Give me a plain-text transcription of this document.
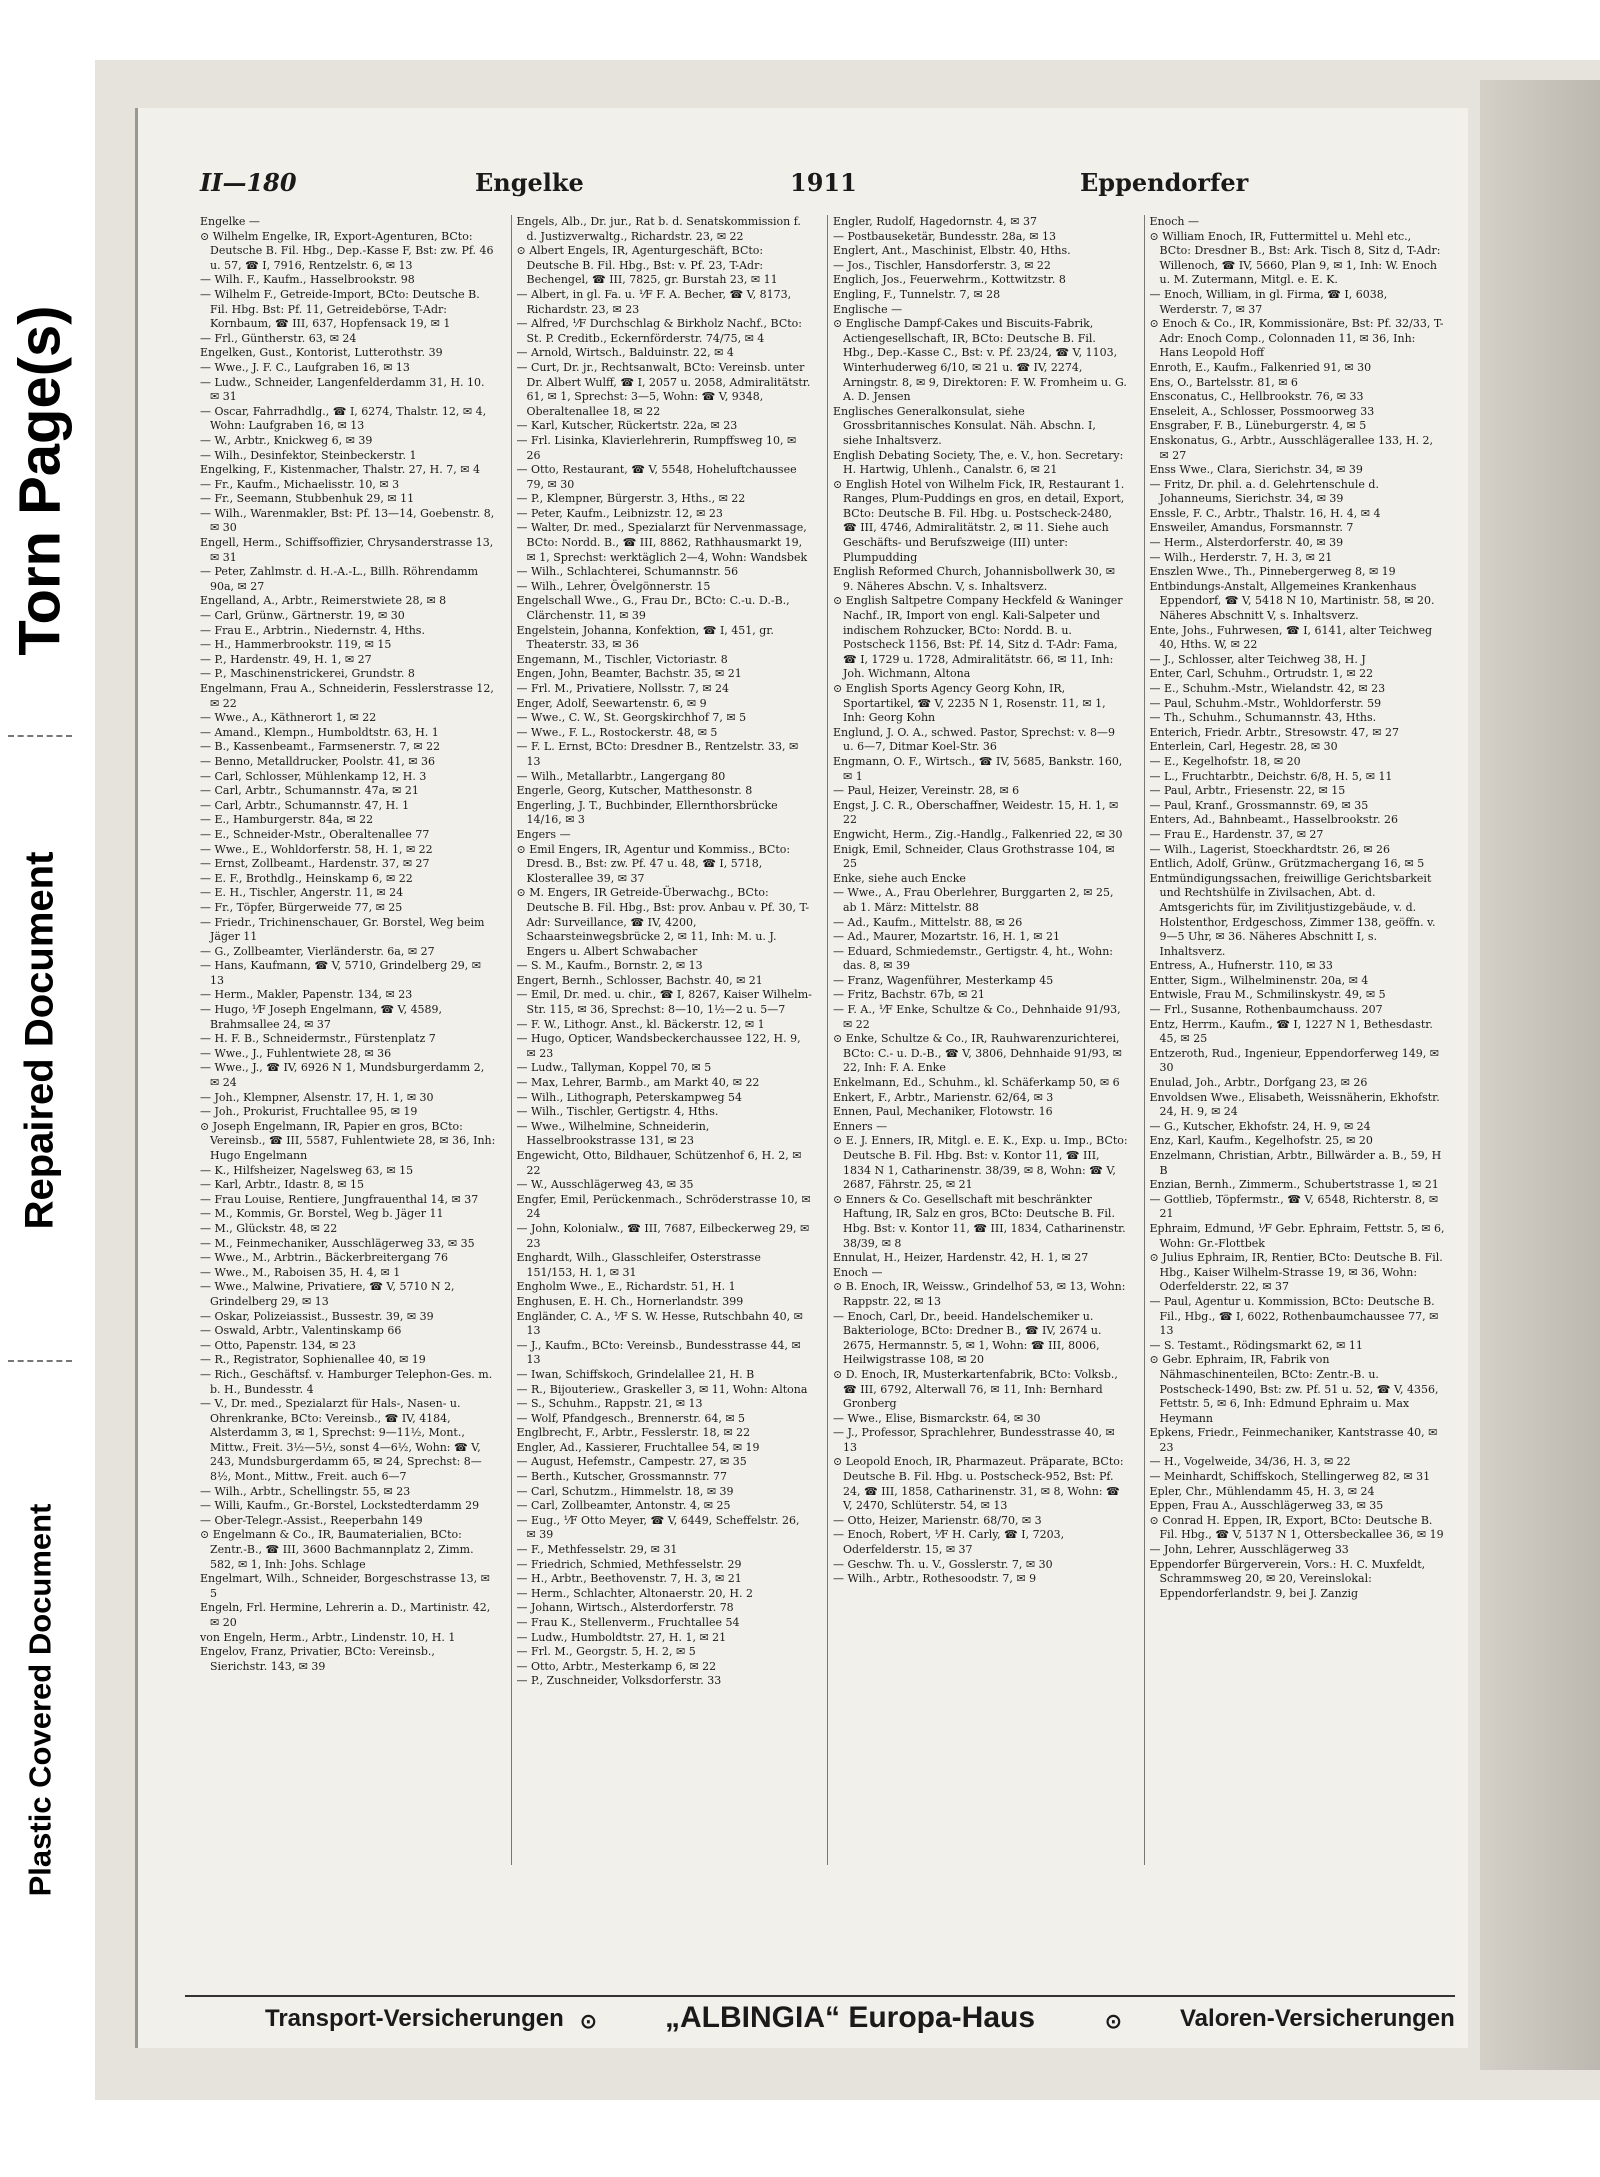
Torn Page(s)
Repaired Document
Plastic Covered Document
II—180	Engelke	1911	Eppendorfer

Engelke —

⊙ Wilhelm Engelke, IR, Export-Agenturen, BCto: Deutsche B. Fil. Hbg., Dep.-Kasse F, Bst: zw. Pf. 46 u. 57, ☎ I, 7916, Rentzelstr. 6, ✉ 13

— Wilh. F., Kaufm., Hasselbrookstr. 98

— Wilhelm F., Getreide-Import, BCto: Deutsche B. Fil. Hbg. Bst: Pf. 11, Getreidebörse, T-Adr: Kornbaum, ☎ III, 637, Hopfensack 19, ✉ 1

— Frl., Güntherstr. 63, ✉ 24

Engelken, Gust., Kontorist, Lutterothstr. 39

— Wwe., J. F. C., Laufgraben 16, ✉ 13

— Ludw., Schneider, Langenfelderdamm 31, H. 10. ✉ 31

— Oscar, Fahrradhdlg., ☎ I, 6274, Thalstr. 12, ✉ 4, Wohn: Laufgraben 16, ✉ 13

— W., Arbtr., Knickweg 6, ✉ 39

— Wilh., Desinfektor, Steinbeckerstr. 1

Engelking, F., Kistenmacher, Thalstr. 27, H. 7, ✉ 4

— Fr., Kaufm., Michaelisstr. 10, ✉ 3

— Fr., Seemann, Stubbenhuk 29, ✉ 11

— Wilh., Warenmakler, Bst: Pf. 13—14, Goebenstr. 8, ✉ 30

Engell, Herm., Schiffsoffizier, Chrysanderstrasse 13, ✉ 31

— Peter, Zahlmstr. d. H.-A.-L., Billh. Röhrendamm 90a, ✉ 27

Engelland, A., Arbtr., Reimerstwiete 28, ✉ 8

— Carl, Grünw., Gärtnerstr. 19, ✉ 30

— Frau E., Arbtrin., Niedernstr. 4, Hths.

— H., Hammerbrookstr. 119, ✉ 15

— P., Hardenstr. 49, H. 1, ✉ 27

— P., Maschinenstrickerei, Grundstr. 8

Engelmann, Frau A., Schneiderin, Fesslerstrasse 12, ✉ 22

— Wwe., A., Käthnerort 1, ✉ 22

— Amand., Klempn., Humboldtstr. 63, H. 1

— B., Kassenbeamt., Farmsenerstr. 7, ✉ 22

— Benno, Metalldrucker, Poolstr. 41, ✉ 36

— Carl, Schlosser, Mühlenkamp 12, H. 3

— Carl, Arbtr., Schumannstr. 47a, ✉ 21

— Carl, Arbtr., Schumannstr. 47, H. 1

— E., Hamburgerstr. 84a, ✉ 22

— E., Schneider-Mstr., Oberaltenallee 77

— Wwe., E., Wohldorferstr. 58, H. 1, ✉ 22

— Ernst, Zollbeamt., Hardenstr. 37, ✉ 27

— E. F., Brothdlg., Heinskamp 6, ✉ 22

— E. H., Tischler, Angerstr. 11, ✉ 24

— Fr., Töpfer, Bürgerweide 77, ✉ 25

— Friedr., Trichinenschauer, Gr. Borstel, Weg beim Jäger 11

— G., Zollbeamter, Vierländerstr. 6a, ✉ 27

— Hans, Kaufmann, ☎ V, 5710, Grindelberg 29, ✉ 13

— Herm., Makler, Papenstr. 134, ✉ 23

— Hugo, ⅟F Joseph Engelmann, ☎ V, 4589, Brahmsallee 24, ✉ 37

— H. F. B., Schneidermstr., Fürstenplatz 7

— Wwe., J., Fuhlentwiete 28, ✉ 36

— Wwe., J., ☎ IV, 6926 N 1, Mundsburgerdamm 2, ✉ 24

— Joh., Klempner, Alsenstr. 17, H. 1, ✉ 30

— Joh., Prokurist, Fruchtallee 95, ✉ 19

⊙ Joseph Engelmann, IR, Papier en gros, BCto: Vereinsb., ☎ III, 5587, Fuhlentwiete 28, ✉ 36, Inh: Hugo Engelmann

— K., Hilfsheizer, Nagelsweg 63, ✉ 15

— Karl, Arbtr., Idastr. 8, ✉ 15

— Frau Louise, Rentiere, Jungfrauenthal 14, ✉ 37

— M., Kommis, Gr. Borstel, Weg b. Jäger 11

— M., Glückstr. 48, ✉ 22

— M., Feinmechaniker, Ausschlägerweg 33, ✉ 35

— Wwe., M., Arbtrin., Bäckerbreitergang 76

— Wwe., M., Raboisen 35, H. 4, ✉ 1

— Wwe., Malwine, Privatiere, ☎ V, 5710 N 2, Grindelberg 29, ✉ 13

— Oskar, Polizeiassist., Bussestr. 39, ✉ 39

— Oswald, Arbtr., Valentinskamp 66

— Otto, Papenstr. 134, ✉ 23

— R., Registrator, Sophienallee 40, ✉ 19

— Rich., Geschäftsf. v. Hamburger Telephon-Ges. m. b. H., Bundesstr. 4

— V., Dr. med., Spezialarzt für Hals-, Nasen- u. Ohrenkranke, BCto: Vereinsb., ☎ IV, 4184, Alsterdamm 3, ✉ 1, Sprechst: 9—11½, Mont., Mittw., Freit. 3½—5½, sonst 4—6½, Wohn: ☎ V, 243, Mundsburgerdamm 65, ✉ 24, Sprechst: 8—8½, Mont., Mittw., Freit. auch 6—7

— Wilh., Arbtr., Schellingstr. 55, ✉ 23

— Willi, Kaufm., Gr.-Borstel, Lockstedterdamm 29

— Ober-Telegr.-Assist., Reeperbahn 149

⊙ Engelmann & Co., IR, Baumaterialien, BCto: Zentr.-B., ☎ III, 3600 Bachmannplatz 2, Zimm. 582, ✉ 1, Inh: Johs. Schlage

Engelmart, Wilh., Schneider, Borgeschstrasse 13, ✉ 5

Engeln, Frl. Hermine, Lehrerin a. D., Martinistr. 42, ✉ 20

von Engeln, Herm., Arbtr., Lindenstr. 10, H. 1

Engelov, Franz, Privatier, BCto: Vereinsb., Sierichstr. 143, ✉ 39

Engels, Alb., Dr. jur., Rat b. d. Senatskommission f. d. Justizverwaltg., Richardstr. 23, ✉ 22

⊙ Albert Engels, IR, Agenturgeschäft, BCto: Deutsche B. Fil. Hbg., Bst: v. Pf. 23, T-Adr: Bechengel, ☎ III, 7825, gr. Burstah 23, ✉ 11

— Albert, in gl. Fa. u. ⅟F F. A. Becher, ☎ V, 8173, Richardstr. 23, ✉ 23

— Alfred, ⅟F Durchschlag & Birkholz Nachf., BCto: St. P. Creditb., Eckernförderstr. 74/75, ✉ 4

— Arnold, Wirtsch., Balduinstr. 22, ✉ 4

— Curt, Dr. jr., Rechtsanwalt, BCto: Vereinsb. unter Dr. Albert Wulff, ☎ I, 2057 u. 2058, Admiralitätstr. 61, ✉ 1, Sprechst: 3—5, Wohn: ☎ V, 9348, Oberaltenallee 18, ✉ 22

— Karl, Kutscher, Rückertstr. 22a, ✉ 23

— Frl. Lisinka, Klavierlehrerin, Rumpffsweg 10, ✉ 26

— Otto, Restaurant, ☎ V, 5548, Hoheluftchaussee 79, ✉ 30

— P., Klempner, Bürgerstr. 3, Hths., ✉ 22

— Peter, Kaufm., Leibnizstr. 12, ✉ 23

— Walter, Dr. med., Spezialarzt für Nervenmassage, BCto: Nordd. B., ☎ III, 8862, Rathhausmarkt 19, ✉ 1, Sprechst: werktäglich 2—4, Wohn: Wandsbek

— Wilh., Schlachterei, Schumannstr. 56

— Wilh., Lehrer, Övelgönnerstr. 15

Engelschall Wwe., G., Frau Dr., BCto: C.-u. D.-B., Clärchenstr. 11, ✉ 39

Engelstein, Johanna, Konfektion, ☎ I, 451, gr. Theaterstr. 33, ✉ 36

Engemann, M., Tischler, Victoriastr. 8

Engen, John, Beamter, Bachstr. 35, ✉ 21

— Frl. M., Privatiere, Nollsstr. 7, ✉ 24

Enger, Adolf, Seewartenstr. 6, ✉ 9

— Wwe., C. W., St. Georgskirchhof 7, ✉ 5

— Wwe., F. L., Rostockerstr. 48, ✉ 5

— F. L. Ernst, BCto: Dresdner B., Rentzelstr. 33, ✉ 13

— Wilh., Metallarbtr., Langergang 80

Engerle, Georg, Kutscher, Matthesonstr. 8

Engerling, J. T., Buchbinder, Ellernthorsbrücke 14/16, ✉ 3

Engers —

⊙ Emil Engers, IR, Agentur und Kommiss., BCto: Dresd. B., Bst: zw. Pf. 47 u. 48, ☎ I, 5718, Klosterallee 39, ✉ 37

⊙ M. Engers, IR Getreide-Überwachg., BCto: Deutsche B. Fil. Hbg., Bst: prov. Anbau v. Pf. 30, T-Adr: Surveillance, ☎ IV, 4200, Schaarsteinwegsbrücke 2, ✉ 11, Inh: M. u. J. Engers u. Albert Schwabacher

— S. M., Kaufm., Bornstr. 2, ✉ 13

Engert, Bernh., Schlosser, Bachstr. 40, ✉ 21

— Emil, Dr. med. u. chir., ☎ I, 8267, Kaiser Wilhelm-Str. 115, ✉ 36, Sprechst: 8—10, 1½—2 u. 5—7

— F. W., Lithogr. Anst., kl. Bäckerstr. 12, ✉ 1

— Hugo, Opticer, Wandsbeckerchaussee 122, H. 9, ✉ 23

— Ludw., Tallyman, Koppel 70, ✉ 5

— Max, Lehrer, Barmb., am Markt 40, ✉ 22

— Wilh., Lithograph, Peterskampweg 54

— Wilh., Tischler, Gertigstr. 4, Hths.

— Wwe., Wilhelmine, Schneiderin, Hasselbrookstrasse 131, ✉ 23

Engewicht, Otto, Bildhauer, Schützenhof 6, H. 2, ✉ 22

— W., Ausschlägerweg 43, ✉ 35

Engfer, Emil, Perückenmach., Schröderstrasse 10, ✉ 24

— John, Kolonialw., ☎ III, 7687, Eilbeckerweg 29, ✉ 23

Enghardt, Wilh., Glasschleifer, Osterstrasse 151/153, H. 1, ✉ 31

Engholm Wwe., E., Richardstr. 51, H. 1

Enghusen, E. H. Ch., Hornerlandstr. 399

Engländer, C. A., ⅟F S. W. Hesse, Rutschbahn 40, ✉ 13

— J., Kaufm., BCto: Vereinsb., Bundesstrasse 44, ✉ 13

— Iwan, Schiffskoch, Grindelallee 21, H. B

— R., Bijouteriew., Graskeller 3, ✉ 11, Wohn: Altona

— S., Schuhm., Rappstr. 21, ✉ 13

— Wolf, Pfandgesch., Brennerstr. 64, ✉ 5

Englbrecht, F., Arbtr., Fesslerstr. 18, ✉ 22

Engler, Ad., Kassierer, Fruchtallee 54, ✉ 19

— August, Hefemstr., Campestr. 27, ✉ 35

— Berth., Kutscher, Grossmannstr. 77

— Carl, Schutzm., Himmelstr. 18, ✉ 39

— Carl, Zollbeamter, Antonstr. 4, ✉ 25

— Eug., ⅟F Otto Meyer, ☎ V, 6449, Scheffelstr. 26, ✉ 39

— F., Methfesselstr. 29, ✉ 31

— Friedrich, Schmied, Methfesselstr. 29

— H., Arbtr., Beethovenstr. 7, H. 3, ✉ 21

— Herm., Schlachter, Altonaerstr. 20, H. 2

— Johann, Wirtsch., Alsterdorferstr. 78

— Frau K., Stellenverm., Fruchtallee 54

— Ludw., Humboldtstr. 27, H. 1, ✉ 21

— Frl. M., Georgstr. 5, H. 2, ✉ 5

— Otto, Arbtr., Mesterkamp 6, ✉ 22

— P., Zuschneider, Volksdorferstr. 33

Engler, Rudolf, Hagedornstr. 4, ✉ 37

— Postbauseketär, Bundesstr. 28a, ✉ 13

Englert, Ant., Maschinist, Elbstr. 40, Hths.

— Jos., Tischler, Hansdorferstr. 3, ✉ 22

Englich, Jos., Feuerwehrm., Kottwitzstr. 8

Engling, F., Tunnelstr. 7, ✉ 28

Englische —

⊙ Englische Dampf-Cakes und Biscuits-Fabrik, Actiengesellschaft, IR, BCto: Deutsche B. Fil. Hbg., Dep.-Kasse C., Bst: v. Pf. 23/24, ☎ V, 1103, Winterhuderweg 6/10, ✉ 21 u. ☎ IV, 2274, Arningstr. 8, ✉ 9, Direktoren: F. W. Fromheim u. G. A. D. Jensen

Englisches Generalkonsulat, siehe Grossbritannisches Konsulat. Näh. Abschn. I, siehe Inhaltsverz.

English Debating Society, The, e. V., hon. Secretary: H. Hartwig, Uhlenh., Canalstr. 6, ✉ 21

⊙ English Hotel von Wilhelm Fick, IR, Restaurant 1. Ranges, Plum-Puddings en gros, en detail, Export, BCto: Deutsche B. Fil. Hbg. u. Postscheck-2480, ☎ III, 4746, Admiralitätstr. 2, ✉ 11. Siehe auch Geschäfts- und Berufszweige (III) unter: Plumpudding

English Reformed Church, Johannisbollwerk 30, ✉ 9. Näheres Abschn. V, s. Inhaltsverz.

⊙ English Saltpetre Company Heckfeld & Waninger Nachf., IR, Import von engl. Kali-Salpeter und indischem Rohzucker, BCto: Nordd. B. u. Postscheck 1156, Bst: Pf. 14, Sitz d. T-Adr: Fama, ☎ I, 1729 u. 1728, Admiralitätstr. 66, ✉ 11, Inh: Joh. Wichmann, Altona

⊙ English Sports Agency Georg Kohn, IR, Sportartikel, ☎ V, 2235 N 1, Rosenstr. 11, ✉ 1, Inh: Georg Kohn

Englund, J. O. A., schwed. Pastor, Sprechst: v. 8—9 u. 6—7, Ditmar Koel-Str. 36

Engmann, O. F., Wirtsch., ☎ IV, 5685, Bankstr. 160, ✉ 1

— Paul, Heizer, Vereinstr. 28, ✉ 6

Engst, J. C. R., Oberschaffner, Weidestr. 15, H. 1, ✉ 22

Engwicht, Herm., Zig.-Handlg., Falkenried 22, ✉ 30

Enigk, Emil, Schneider, Claus Grothstrasse 104, ✉ 25

Enke, siehe auch Encke

— Wwe., A., Frau Oberlehrer, Burggarten 2, ✉ 25, ab 1. März: Mittelstr. 88

— Ad., Kaufm., Mittelstr. 88, ✉ 26

— Ad., Maurer, Mozartstr. 16, H. 1, ✉ 21

— Eduard, Schmiedemstr., Gertigstr. 4, ht., Wohn: das. 8, ✉ 39

— Franz, Wagenführer, Mesterkamp 45

— Fritz, Bachstr. 67b, ✉ 21

— F. A., ⅟F Enke, Schultze & Co., Dehnhaide 91/93, ✉ 22

⊙ Enke, Schultze & Co., IR, Rauhwarenzurichterei, BCto: C.- u. D.-B., ☎ V, 3806, Dehnhaide 91/93, ✉ 22, Inh: F. A. Enke

Enkelmann, Ed., Schuhm., kl. Schäferkamp 50, ✉ 6

Enkert, F., Arbtr., Marienstr. 62/64, ✉ 3

Ennen, Paul, Mechaniker, Flotowstr. 16

Enners —

⊙ E. J. Enners, IR, Mitgl. e. E. K., Exp. u. Imp., BCto: Deutsche B. Fil. Hbg. Bst: v. Kontor 11, ☎ III, 1834 N 1, Catharinenstr. 38/39, ✉ 8, Wohn: ☎ V, 2687, Fährstr. 25, ✉ 21

⊙ Enners & Co. Gesellschaft mit beschränkter Haftung, IR, Salz en gros, BCto: Deutsche B. Fil. Hbg. Bst: v. Kontor 11, ☎ III, 1834, Catharinenstr. 38/39, ✉ 8

Ennulat, H., Heizer, Hardenstr. 42, H. 1, ✉ 27

Enoch —

⊙ B. Enoch, IR, Weissw., Grindelhof 53, ✉ 13, Wohn: Rappstr. 22, ✉ 13

— Enoch, Carl, Dr., beeid. Handelschemiker u. Bakteriologe, BCto: Dredner B., ☎ IV, 2674 u. 2675, Hermannstr. 5, ✉ 1, Wohn: ☎ III, 8006, Heilwigstrasse 108, ✉ 20

⊙ D. Enoch, IR, Musterkartenfabrik, BCto: Volksb., ☎ III, 6792, Alterwall 76, ✉ 11, Inh: Bernhard Gronberg

— Wwe., Elise, Bismarckstr. 64, ✉ 30

— J., Professor, Sprachlehrer, Bundesstrasse 40, ✉ 13

⊙ Leopold Enoch, IR, Pharmazeut. Präparate, BCto: Deutsche B. Fil. Hbg. u. Postscheck-952, Bst: Pf. 24, ☎ III, 1858, Catharinenstr. 31, ✉ 8, Wohn: ☎ V, 2470, Schlüterstr. 54, ✉ 13

— Otto, Heizer, Marienstr. 68/70, ✉ 3

— Enoch, Robert, ⅟F H. Carly, ☎ I, 7203, Oderfelderstr. 15, ✉ 37

— Geschw. Th. u. V., Gosslerstr. 7, ✉ 30

— Wilh., Arbtr., Rothesoodstr. 7, ✉ 9

Enoch —

⊙ William Enoch, IR, Futtermittel u. Mehl etc., BCto: Dresdner B., Bst: Ark. Tisch 8, Sitz d, T-Adr: Willenoch, ☎ IV, 5660, Plan 9, ✉ 1, Inh: W. Enoch u. M. Zutermann, Mitgl. e. E. K.

— Enoch, William, in gl. Firma, ☎ I, 6038, Werderstr. 7, ✉ 37

⊙ Enoch & Co., IR, Kommissionäre, Bst: Pf. 32/33, T-Adr: Enoch Comp., Colonnaden 11, ✉ 36, Inh: Hans Leopold Hoff

Enroth, E., Kaufm., Falkenried 91, ✉ 30

Ens, O., Bartelsstr. 81, ✉ 6

Ensconatus, C., Hellbrookstr. 76, ✉ 33

Enseleit, A., Schlosser, Possmoorweg 33

Ensgraber, F. B., Lüneburgerstr. 4, ✉ 5

Enskonatus, G., Arbtr., Ausschlägerallee 133, H. 2, ✉ 27

Enss Wwe., Clara, Sierichstr. 34, ✉ 39

— Fritz, Dr. phil. a. d. Gelehrtenschule d. Johanneums, Sierichstr. 34, ✉ 39

Enssle, F. C., Arbtr., Thalstr. 16, H. 4, ✉ 4

Ensweiler, Amandus, Forsmannstr. 7

— Herm., Alsterdorferstr. 40, ✉ 39

— Wilh., Herderstr. 7, H. 3, ✉ 21

Enszlen Wwe., Th., Pinnebergerweg 8, ✉ 19

Entbindungs-Anstalt, Allgemeines Krankenhaus Eppendorf, ☎ V, 5418 N 10, Martinistr. 58, ✉ 20. Näheres Abschnitt V, s. Inhaltsverz.

Ente, Johs., Fuhrwesen, ☎ I, 6141, alter Teichweg 40, Hths. W, ✉ 22

— J., Schlosser, alter Teichweg 38, H. J

Enter, Carl, Schuhm., Ortrudstr. 1, ✉ 22

— E., Schuhm.-Mstr., Wielandstr. 42, ✉ 23

— Paul, Schuhm.-Mstr., Wohldorferstr. 59

— Th., Schuhm., Schumannstr. 43, Hths.

Enterich, Friedr. Arbtr., Stresowstr. 47, ✉ 27

Enterlein, Carl, Hegestr. 28, ✉ 30

— E., Kegelhofstr. 18, ✉ 20

— L., Fruchtarbtr., Deichstr. 6/8, H. 5, ✉ 11

— Paul, Arbtr., Friesenstr. 22, ✉ 15

— Paul, Kranf., Grossmannstr. 69, ✉ 35

Enters, Ad., Bahnbeamt., Hasselbrookstr. 26

— Frau E., Hardenstr. 37, ✉ 27

— Wilh., Lagerist, Stoeckhardtstr. 26, ✉ 26

Entlich, Adolf, Grünw., Grützmachergang 16, ✉ 5

Entmündigungssachen, freiwillige Gerichtsbarkeit und Rechtshülfe in Zivilsachen, Abt. d. Amtsgerichts für, im Zivilitjustizgebäude, v. d. Holstenthor, Erdgeschoss, Zimmer 138, geöffn. v. 9—5 Uhr, ✉ 36. Näheres Abschnitt I, s. Inhaltsverz.

Entress, A., Hufnerstr. 110, ✉ 33

Entter, Sigm., Wilhelminenstr. 20a, ✉ 4

Entwisle, Frau M., Schmilinskystr. 49, ✉ 5

— Frl., Susanne, Rothenbaumchauss. 207

Entz, Herrm., Kaufm., ☎ I, 1227 N 1, Bethesdastr. 45, ✉ 25

Entzeroth, Rud., Ingenieur, Eppendorferweg 149, ✉ 30

Enulad, Joh., Arbtr., Dorfgang 23, ✉ 26

Envoldsen Wwe., Elisabeth, Weissnäherin, Ekhofstr. 24, H. 9, ✉ 24

— G., Kutscher, Ekhofstr. 24, H. 9, ✉ 24

Enz, Karl, Kaufm., Kegelhofstr. 25, ✉ 20

Enzelmann, Christian, Arbtr., Billwärder a. B., 59, H B

Enzian, Bernh., Zimmerm., Schubertstrasse 1, ✉ 21

— Gottlieb, Töpfermstr., ☎ V, 6548, Richterstr. 8, ✉ 21

Ephraim, Edmund, ⅟F Gebr. Ephraim, Fettstr. 5, ✉ 6, Wohn: Gr.-Flottbek

⊙ Julius Ephraim, IR, Rentier, BCto: Deutsche B. Fil. Hbg., Kaiser Wilhelm-Strasse 19, ✉ 36, Wohn: Oderfelderstr. 22, ✉ 37

— Paul, Agentur u. Kommission, BCto: Deutsche B. Fil., Hbg., ☎ I, 6022, Rothenbaumchaussee 77, ✉ 13

— S. Testamt., Rödingsmarkt 62, ✉ 11

⊙ Gebr. Ephraim, IR, Fabrik von Nähmaschinenteilen, BCto: Zentr.-B. u. Postscheck-1490, Bst: zw. Pf. 51 u. 52, ☎ V, 4356, Fettstr. 5, ✉ 6, Inh: Edmund Ephraim u. Max Heymann

Epkens, Friedr., Feinmechaniker, Kantstrasse 40, ✉ 23

— H., Vogelweide, 34/36, H. 3, ✉ 22

— Meinhardt, Schiffskoch, Stellingerweg 82, ✉ 31

Epler, Chr., Mühlendamm 45, H. 3, ✉ 24

Eppen, Frau A., Ausschlägerweg 33, ✉ 35

⊙ Conrad H. Eppen, IR, Export, BCto: Deutsche B. Fil. Hbg., ☎ V, 5137 N 1, Ottersbeckallee 36, ✉ 19

— John, Lehrer, Ausschlägerweg 33

Eppendorfer Bürgerverein, Vors.: H. C. Muxfeldt, Schrammsweg 20, ✉ 20, Vereinslokal: Eppendorferlandstr. 9, bei J. Zanzig

Transport-Versicherungen ⊙ „ALBINGIA“ Europa-Haus	⊙ Valoren-Versicherungen
